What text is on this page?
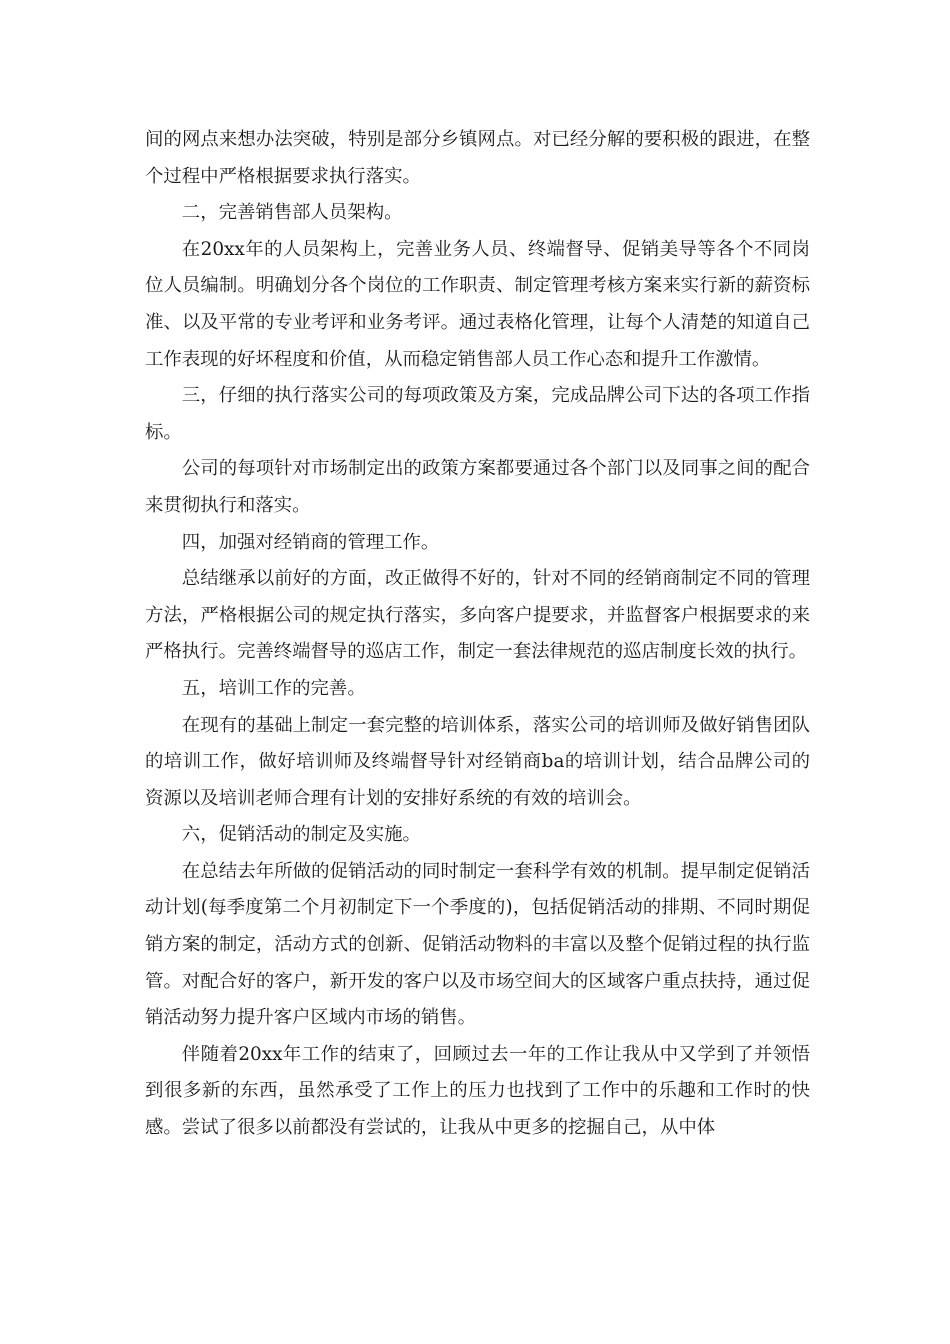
间的网点来想办法突破，特别是部分乡镇网点。对已经分解的要积极的跟进，在整个过程中严格根据要求执行落实。

二，完善销售部人员架构。

在20xx年的人员架构上，完善业务人员、终端督导、促销美导等各个不同岗位人员编制。明确划分各个岗位的工作职责、制定管理考核方案来实行新的薪资标准、以及平常的专业考评和业务考评。通过表格化管理，让每个人清楚的知道自己工作表现的好坏程度和价值，从而稳定销售部人员工作心态和提升工作激情。

三，仔细的执行落实公司的每项政策及方案，完成品牌公司下达的各项工作指标。

公司的每项针对市场制定出的政策方案都要通过各个部门以及同事之间的配合来贯彻执行和落实。

四，加强对经销商的管理工作。

总结继承以前好的方面，改正做得不好的，针对不同的经销商制定不同的管理方法，严格根据公司的规定执行落实，多向客户提要求，并监督客户根据要求的来严格执行。完善终端督导的巡店工作，制定一套法律规范的巡店制度长效的执行。

五，培训工作的完善。

在现有的基础上制定一套完整的培训体系，落实公司的培训师及做好销售团队的培训工作，做好培训师及终端督导针对经销商ba的培训计划，结合品牌公司的资源以及培训老师合理有计划的安排好系统的有效的培训会。

六，促销活动的制定及实施。

在总结去年所做的促销活动的同时制定一套科学有效的机制。提早制定促销活动计划(每季度第二个月初制定下一个季度的)，包括促销活动的排期、不同时期促销方案的制定，活动方式的创新、促销活动物料的丰富以及整个促销过程的执行监管。对配合好的客户，新开发的客户以及市场空间大的区域客户重点扶持，通过促销活动努力提升客户区域内市场的销售。

伴随着20xx年工作的结束了，回顾过去一年的工作让我从中又学到了并领悟到很多新的东西，虽然承受了工作上的压力也找到了工作中的乐趣和工作时的快感。尝试了很多以前都没有尝试的，让我从中更多的挖掘自己，从中体
